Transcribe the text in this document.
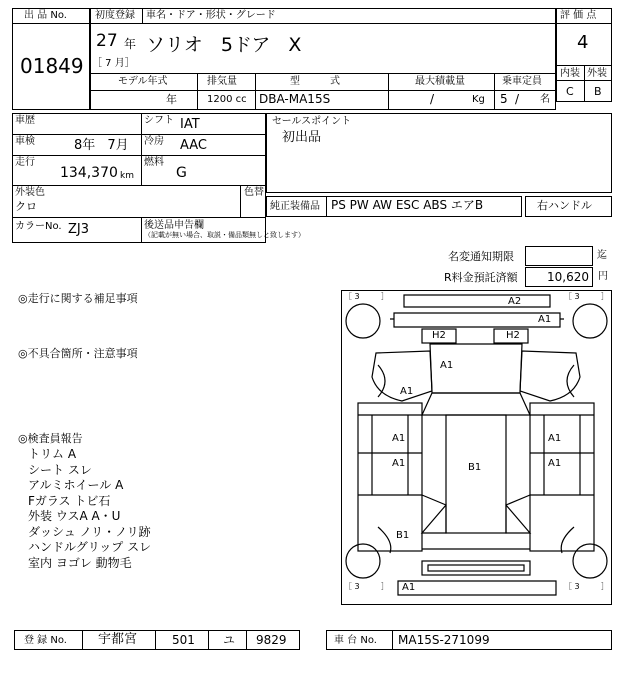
出 品 No.
01849
初度登録 車名・ドア・形状・グレード
27 年
［ 7 月］
ソリオ 5ドア X
モデル年式	排気量	型　　　式	最大積載量	乗車定員
年	1200 cc DBA-MA15S	/	Kg 5 / 名
評 価 点
4
内装 外装
C B
車歴	シフト IAT
車検	8年 7月 冷房 AAC
走行
134,370 km
燃料
G
外装色
クロ
色替
カラーNo. ZJ3	後送品申告欄
（記載が無い場合、取説・備品類無しと致します）
セールスポイント
初出品
純正装備品 PS PW AW ESC ABS エアB	右ハンドル
名変通知期限	迄
R料金預託済額 10,620 円
◎走行に関する補足事項
◎不具合箇所・注意事項
◎検査員報告
トリム A
シート スレ
アルミホイール A
Fガラス トビ石
外装 ウスA A・U
ダッシュ ノリ・ノリ跡
ハンドルグリップ スレ
室内 ヨゴレ 動物毛
［ 3 　　 ］	［ 3 　　 ］
［ 3 　　 ］	［ 3 　　 ］
A2
A1
H2	H2
A1
A1
A1
A1
A1
A1
B1
B1
A1
登 録 No. 宇都宮	501 ユ 9829	車 台 No. MA15S-271099
